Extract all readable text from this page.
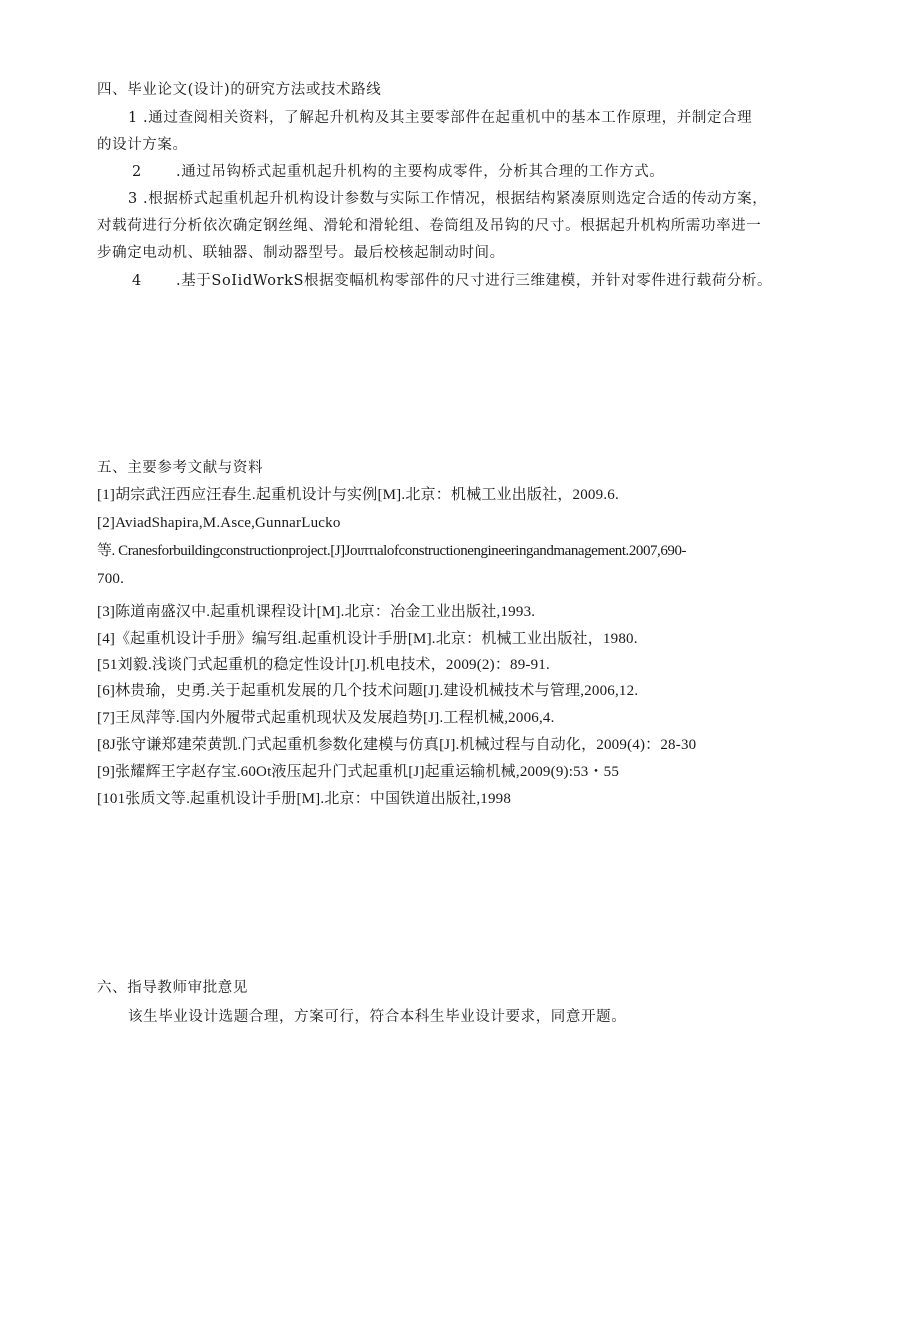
四、毕业论文(设计)的研究方法或技术路线

1 .通过查阅相关资料，了解起升机构及其主要零部件在起重机中的基本工作原理，并制定合理

的设计方案。

2 .通过吊钩桥式起重机起升机构的主要构成零件，分析其合理的工作方式。

3 .根据桥式起重机起升机构设计参数与实际工作情况，根据结构紧凑原则选定合适的传动方案，

对载荷进行分析依次确定钢丝绳、滑轮和滑轮组、卷筒组及吊钩的尺寸。根据起升机构所需功率进一

步确定电动机、联轴器、制动器型号。最后校核起制动时间。

4 .基于SoIidWorkS根据变幅机构零部件的尺寸进行三维建模，并针对零件进行载荷分析。

五、主要参考文献与资料

[1]胡宗武汪西应汪春生.起重机设计与实例[M].北京：机械工业出版社，2009.6.

[2]AviadShapira,M.Asce,GunnarLucko

等. Cranesforbuildingconstructionproject.[J]Joιπτιalofconstructionengineeringandmanagement.2007,690-

700.

[3]陈道南盛汉中.起重机课程设计[M].北京：冶金工业出版社,1993.

[4]《起重机设计手册》编写组.起重机设计手册[M].北京：机械工业出版社，1980.

[51刘毅.浅谈门式起重机的稳定性设计[J].机电技术，2009(2)：89-91.

[6]林贵瑜，史勇.关于起重机发展的几个技术问题[J].建设机械技术与管理,2006,12.

[7]王凤萍等.国内外履带式起重机现状及发展趋势[J].工程机械,2006,4.

[8J张守谦郑建荣黄凯.门式起重机参数化建模与仿真[J].机械过程与自动化，2009(4)：28-30

[9]张耀辉王字赵存宝.60Ot液压起升门式起重机[J]起重运输机械,2009(9):53・55

[101张质文等.起重机设计手册[M].北京：中国铁道出版社,1998

六、指导教师审批意见

该生毕业设计选题合理，方案可行，符合本科生毕业设计要求，同意开题。
